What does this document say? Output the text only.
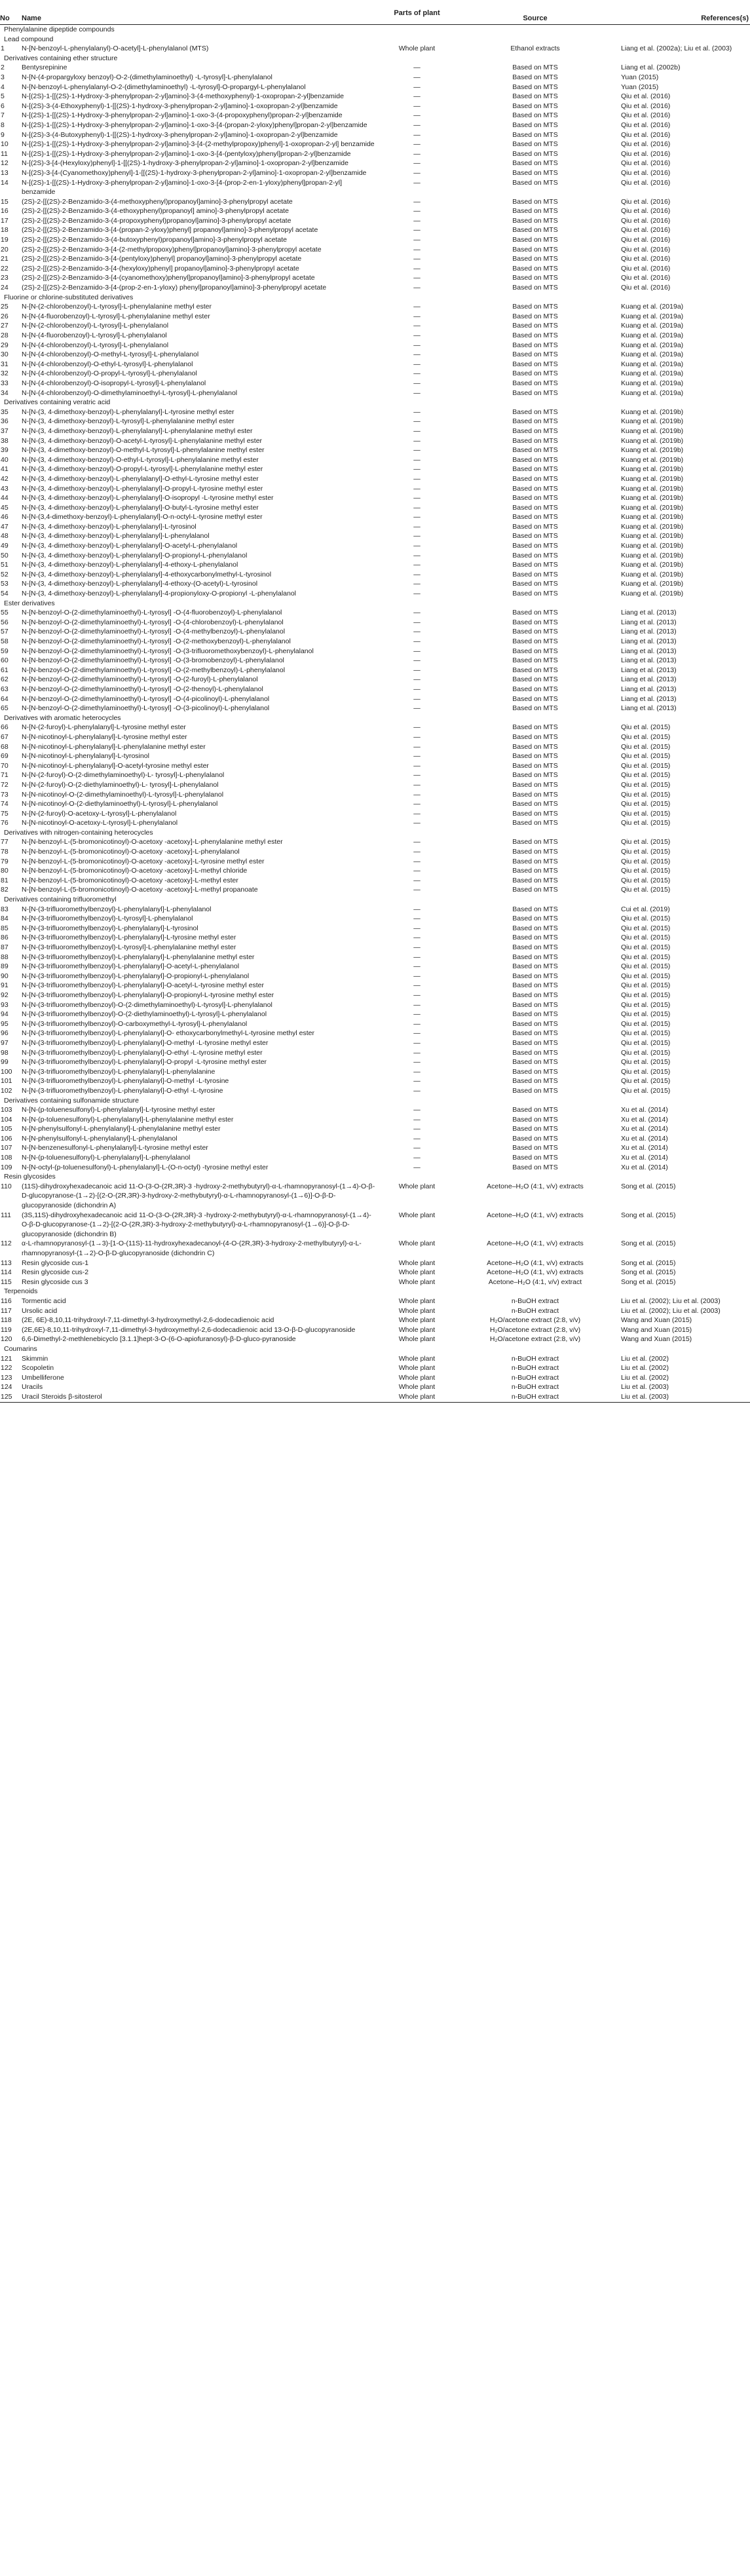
No	Name	Parts of plant	Source	References(s)
Phenylalanine dipeptide compounds				
Lead compound				
1	N-[N-benzoyl-L-phenylalanyl)-O-acetyl]-L-phenylalanol (MTS)	Whole plant	Ethanol extracts	Liang et al. (2002a); Liu et al. (2003)
Derivatives containing ether structure				
2	Bentysrepinine	—	Based on MTS	Liang et al. (2002b)
3	N-[N-(4-propargyloxy benzoyl)-O-2-(dimethylaminoethyl) -L-tyrosyl]-L-phenylalanol	—	Based on MTS	Yuan (2015)
4	N-[N-benzoyl-L-phenylalanyl-O-2-(dimethylaminoethyl) -L-tyrosyl]-O-propargyl-L-phenylalanol	—	Based on MTS	Yuan (2015)
5	N-[(2S)-1-[[(2S)-1-Hydroxy-3-phenylpropan-2-yl]amino]-3-(4-methoxyphenyl)-1-oxopropan-2-yl]benzamide	—	Based on MTS	Qiu et al. (2016)
6	N-[(2S)-3-(4-Ethoxyphenyl)-1-[[(2S)-1-hydroxy-3-phenylpropan-2-yl]amino]-1-oxopropan-2-yl]benzamide	—	Based on MTS	Qiu et al. (2016)
7	N-[(2S)-1-[[(2S)-1-Hydroxy-3-phenylpropan-2-yl]amino]-1-oxo-3-(4-propoxyphenyl)propan-2-yl]benzamide	—	Based on MTS	Qiu et al. (2016)
8	N-[(2S)-1-[[(2S)-1-Hydroxy-3-phenylpropan-2-yl]amino]-1-oxo-3-[4-(propan-2-yloxy)phenyl]propan-2-yl]benzamide	—	Based on MTS	Qiu et al. (2016)
9	N-[(2S)-3-(4-Butoxyphenyl)-1-[[(2S)-1-hydroxy-3-phenylpropan-2-yl]amino]-1-oxopropan-2-yl]benzamide	—	Based on MTS	Qiu et al. (2016)
10	N-[(2S)-1-[[(2S)-1-Hydroxy-3-phenylpropan-2-yl]amino]-3-[4-(2-methylpropoxy)phenyl]-1-oxopropan-2-yl] benzamide	—	Based on MTS	Qiu et al. (2016)
11	N-[(2S)-1-[[(2S)-1-Hydroxy-3-phenylpropan-2-yl]amino]-1-oxo-3-[4-(pentyloxy)phenyl]propan-2-yl]benzamide	—	Based on MTS	Qiu et al. (2016)
12	N-[(2S)-3-[4-(Hexyloxy)phenyl]-1-[[(2S)-1-hydroxy-3-phenylpropan-2-yl]amino]-1-oxopropan-2-yl]benzamide	—	Based on MTS	Qiu et al. (2016)
13	N-[(2S)-3-[4-(Cyanomethoxy)phenyl]-1-[[(2S)-1-hydroxy-3-phenylpropan-2-yl]amino]-1-oxopropan-2-yl]benzamide	—	Based on MTS	Qiu et al. (2016)
14	N-[(2S)-1-[[(2S)-1-Hydroxy-3-phenylpropan-2-yl]amino]-1-oxo-3-[4-(prop-2-en-1-yloxy)phenyl]propan-2-yl] benzamide	—	Based on MTS	Qiu et al. (2016)
15	(2S)-2-[[(2S)-2-Benzamido-3-(4-methoxyphenyl)propanoyl]amino]-3-phenylpropyl acetate	—	Based on MTS	Qiu et al. (2016)
16	(2S)-2-[[(2S)-2-Benzamido-3-(4-ethoxyphenyl)propanoyl] amino]-3-phenylpropyl acetate	—	Based on MTS	Qiu et al. (2016)
17	(2S)-2-[[(2S)-2-Benzamido-3-(4-propoxyphenyl)propanoyl]amino]-3-phenylpropyl acetate	—	Based on MTS	Qiu et al. (2016)
18	(2S)-2-[[(2S)-2-Benzamido-3-[4-(propan-2-yloxy)phenyl] propanoyl]amino]-3-phenylpropyl acetate	—	Based on MTS	Qiu et al. (2016)
19	(2S)-2-[[(2S)-2-Benzamido-3-(4-butoxyphenyl)propanoyl]amino]-3-phenylpropyl acetate	—	Based on MTS	Qiu et al. (2016)
20	(2S)-2-[[(2S)-2-Benzamido-3-[4-(2-methylpropoxy)phenyl]propanoyl]amino]-3-phenylpropyl acetate	—	Based on MTS	Qiu et al. (2016)
21	(2S)-2-[[(2S)-2-Benzamido-3-[4-(pentyloxy)phenyl] propanoyl]amino]-3-phenylpropyl acetate	—	Based on MTS	Qiu et al. (2016)
22	(2S)-2-[[(2S)-2-Benzamido-3-[4-(hexyloxy)phenyl] propanoyl]amino]-3-phenylpropyl acetate	—	Based on MTS	Qiu et al. (2016)
23	(2S)-2-[[(2S)-2-Benzamido-3-[4-(cyanomethoxy)phenyl]propanoyl]amino]-3-phenylpropyl acetate	—	Based on MTS	Qiu et al. (2016)
24	(2S)-2-[[(2S)-2-Benzamido-3-[4-(prop-2-en-1-yloxy) phenyl]propanoyl]amino]-3-phenylpropyl acetate	—	Based on MTS	Qiu et al. (2016)
Fluorine or chlorine-substituted derivatives				
25	N-[N-(2-chlorobenzoyl)-L-tyrosyl]-L-phenylalanine methyl ester	—	Based on MTS	Kuang et al. (2019a)
26	N-[N-(4-fluorobenzoyl)-L-tyrosyl]-L-phenylalanine methyl ester	—	Based on MTS	Kuang et al. (2019a)
27	N-[N-(2-chlorobenzoyl)-L-tyrosyl]-L-phenylalanol	—	Based on MTS	Kuang et al. (2019a)
28	N-[N-(4-fluorobenzoyl)-L-tyrosyl]-L-phenylalanol	—	Based on MTS	Kuang et al. (2019a)
29	N-[N-(4-chlorobenzoyl)-L-tyrosyl]-L-phenylalanol	—	Based on MTS	Kuang et al. (2019a)
30	N-[N-(4-chlorobenzoyl)-O-methyl-L-tyrosyl]-L-phenylalanol	—	Based on MTS	Kuang et al. (2019a)
31	N-[N-(4-chlorobenzoyl)-O-ethyl-L-tyrosyl]-L-phenylalanol	—	Based on MTS	Kuang et al. (2019a)
32	N-[N-(4-chlorobenzoyl)-O-propyl-L-tyrosyl]-L-phenylalanol	—	Based on MTS	Kuang et al. (2019a)
33	N-[N-(4-chlorobenzoyl)-O-isopropyl-L-tyrosyl]-L-phenylalanol	—	Based on MTS	Kuang et al. (2019a)
34	N-[N-(4-chlorobenzoyl)-O-dimethylaminoethyl-L-tyrosyl]-L-phenylalanol	—	Based on MTS	Kuang et al. (2019a)
Derivatives containing veratric acid				
35	N-[N-(3, 4-dimethoxy-benzoyl)-L-phenylalanyl]-L-tyrosine methyl ester	—	Based on MTS	Kuang et al. (2019b)
36	N-[N-(3, 4-dimethoxy-benzoyl)-L-tyrosyl]-L-phenylalanine methyl ester	—	Based on MTS	Kuang et al. (2019b)
37	N-[N-(3, 4-dimethoxy-benzoyl)-L-phenylalanyl]-L-phenylalanine methyl ester	—	Based on MTS	Kuang et al. (2019b)
38	N-[N-(3, 4-dimethoxy-benzoyl)-O-acetyl-L-tyrosyl]-L-phenylalanine methyl ester	—	Based on MTS	Kuang et al. (2019b)
39	N-[N-(3, 4-dimethoxy-benzoyl)-O-methyl-L-tyrosyl]-L-phenylalanine methyl ester	—	Based on MTS	Kuang et al. (2019b)
40	N-[N-(3, 4-dimethoxy-benzoyl)-O-ethyl-L-tyrosyl]-L-phenylalanine methyl ester	—	Based on MTS	Kuang et al. (2019b)
41	N-[N-(3, 4-dimethoxy-benzoyl)-O-propyl-L-tyrosyl]-L-phenylalanine methyl ester	—	Based on MTS	Kuang et al. (2019b)
42	N-[N-(3, 4-dimethoxy-benzoyl)-L-phenylalanyl]-O-ethyl-L-tyrosine methyl ester	—	Based on MTS	Kuang et al. (2019b)
43	N-[N-(3, 4-dimethoxy-benzoyl)-L-phenylalanyl]-O-propyl-L-tyrosine methyl ester	—	Based on MTS	Kuang et al. (2019b)
44	N-[N-(3, 4-dimethoxy-benzoyl)-L-phenylalanyl]-O-isopropyl -L-tyrosine methyl ester	—	Based on MTS	Kuang et al. (2019b)
45	N-[N-(3, 4-dimethoxy-benzoyl)-L-phenylalanyl]-O-butyl-L-tyrosine methyl ester	—	Based on MTS	Kuang et al. (2019b)
46	N-[N-(3,4-dimethoxy-benzoyl)-L-phenylalanyl]-O-n-octyl-L-tyrosine methyl ester	—	Based on MTS	Kuang et al. (2019b)
47	N-[N-(3, 4-dimethoxy-benzoyl)-L-phenylalanyl]-L-tyrosinol	—	Based on MTS	Kuang et al. (2019b)
48	N-[N-(3, 4-dimethoxy-benzoyl)-L-phenylalanyl]-L-phenylalanol	—	Based on MTS	Kuang et al. (2019b)
49	N-[N-(3, 4-dimethoxy-benzoyl)-L-phenylalanyl]-O-acetyl-L-phenylalanol	—	Based on MTS	Kuang et al. (2019b)
50	N-[N-(3, 4-dimethoxy-benzoyl)-L-phenylalanyl]-O-propionyl-L-phenylalanol	—	Based on MTS	Kuang et al. (2019b)
51	N-[N-(3, 4-dimethoxy-benzoyl)-L-phenylalanyl]-4-ethoxy-L-phenylalanol	—	Based on MTS	Kuang et al. (2019b)
52	N-[N-(3, 4-dimethoxy-benzoyl)-L-phenylalanyl]-4-ethoxycarbonylmethyl-L-tyrosinol	—	Based on MTS	Kuang et al. (2019b)
53	N-[N-(3, 4-dimethoxy-benzoyl)-L-phenylalanyl]-4-ethoxy-(O-acetyl)-L-tyrosinol	—	Based on MTS	Kuang et al. (2019b)
54	N-[N-(3, 4-dimethoxy-benzoyl)-L-phenylalanyl]-4-propionyloxy-O-propionyl -L-phenylalanol	—	Based on MTS	Kuang et al. (2019b)
Ester derivatives				
55	N-[N-benzoyl-O-(2-dimethylaminoethyl)-L-tyrosyl] -O-(4-fluorobenzoyl)-L-phenylalanol	—	Based on MTS	Liang et al. (2013)
56	N-[N-benzoyl-O-(2-dimethylaminoethyl)-L-tyrosyl] -O-(4-chlorobenzoyl)-L-phenylalanol	—	Based on MTS	Liang et al. (2013)
57	N-[N-benzoyl-O-(2-dimethylaminoethyl)-L-tyrosyl] -O-(4-methylbenzoyl)-L-phenylalanol	—	Based on MTS	Liang et al. (2013)
58	N-[N-benzoyl-O-(2-dimethylaminoethyl)-L-tyrosyl] -O-(2-methoxybenzoyl)-L-phenylalanol	—	Based on MTS	Liang et al. (2013)
59	N-[N-benzoyl-O-(2-dimethylaminoethyl)-L-tyrosyl] -O-(3-trifluoromethoxybenzoyl)-L-phenylalanol	—	Based on MTS	Liang et al. (2013)
60	N-[N-benzoyl-O-(2-dimethylaminoethyl)-L-tyrosyl] -O-(3-bromobenzoyl)-L-phenylalanol	—	Based on MTS	Liang et al. (2013)
61	N-[N-benzoyl-O-(2-dimethylaminoethyl)-L-tyrosyl] -O-(2-methylbenzoyl)-L-phenylalanol	—	Based on MTS	Liang et al. (2013)
62	N-[N-benzoyl-O-(2-dimethylaminoethyl)-L-tyrosyl] -O-(2-furoyl)-L-phenylalanol	—	Based on MTS	Liang et al. (2013)
63	N-[N-benzoyl-O-(2-dimethylaminoethyl)-L-tyrosyl] -O-(2-thenoyl)-L-phenylalanol	—	Based on MTS	Liang et al. (2013)
64	N-[N-benzoyl-O-(2-dimethylaminoethyl)-L-tyrosyl] -O-(4-picolinoyl)-L-phenylalanol	—	Based on MTS	Liang et al. (2013)
65	N-[N-benzoyl-O-(2-dimethylaminoethyl)-L-tyrosyl] -O-(3-picolinoyl)-L-phenylalanol	—	Based on MTS	Liang et al. (2013)
Derivatives with aromatic heterocycles				
66	N-[N-(2-furoyl)-L-phenylalanyl]-L-tyrosine methyl ester	—	Based on MTS	Qiu et al. (2015)
67	N-[N-nicotinoyl-L-phenylalanyl]-L-tyrosine methyl ester	—	Based on MTS	Qiu et al. (2015)
68	N-[N-nicotinoyl-L-phenylalanyl]-L-phenylalanine methyl ester	—	Based on MTS	Qiu et al. (2015)
69	N-[N-nicotinoyl-L-phenylalanyl]-L-tyrosinol	—	Based on MTS	Qiu et al. (2015)
70	N-[N-nicotinoyl-L-phenylalanyl]-O-acetyl-tyrosine methyl ester	—	Based on MTS	Qiu et al. (2015)
71	N-[N-(2-furoyl)-O-(2-dimethylaminoethyl)-L- tyrosyl]-L-phenylalanol	—	Based on MTS	Qiu et al. (2015)
72	N-[N-(2-furoyl)-O-(2-diethylaminoethyl)-L- tyrosyl]-L-phenylalanol	—	Based on MTS	Qiu et al. (2015)
73	N-[N-nicotinoyl-O-(2-dimethylaminoethyl)-L-tyrosyl]-L-phenylalanol	—	Based on MTS	Qiu et al. (2015)
74	N-[N-nicotinoyl-O-(2-diethylaminoethyl)-L-tyrosyl]-L-phenylalanol	—	Based on MTS	Qiu et al. (2015)
75	N-[N-(2-furoyl)-O-acetoxy-L-tyrosyl]-L-phenylalanol	—	Based on MTS	Qiu et al. (2015)
76	N-[N-nicotinoyl-O-acetoxy-L-tyrosyl]-L-phenylalanol	—	Based on MTS	Qiu et al. (2015)
Derivatives with nitrogen-containing heterocycles				
77	N-[N-benzoyl-L-(5-bromonicotinoyl)-O-acetoxy -acetoxy]-L-phenylalanine methyl ester	—	Based on MTS	Qiu et al. (2015)
78	N-[N-benzoyl-L-(5-bromonicotinoyl)-O-acetoxy -acetoxy]-L-phenylalanol	—	Based on MTS	Qiu et al. (2015)
79	N-[N-benzoyl-L-(5-bromonicotinoyl)-O-acetoxy -acetoxy]-L-tyrosine methyl ester	—	Based on MTS	Qiu et al. (2015)
80	N-[N-benzoyl-L-(5-bromonicotinoyl)-O-acetoxy -acetoxy]-L-methyl chloride	—	Based on MTS	Qiu et al. (2015)
81	N-[N-benzoyl-L-(5-bromonicotinoyl)-O-acetoxy -acetoxy]-L-methyl ester	—	Based on MTS	Qiu et al. (2015)
82	N-[N-benzoyl-L-(5-bromonicotinoyl)-O-acetoxy -acetoxy]-L-methyl propanoate	—	Based on MTS	Qiu et al. (2015)
Derivatives containing trifluoromethyl				
83	N-[N-(3-trifluoromethylbenzoyl)-L-phenylalanyl]-L-phenylalanol	—	Based on MTS	Cui et al. (2019)
84	N-[N-(3-trifluoromethylbenzoyl)-L-tyrosyl]-L-phenylalanol	—	Based on MTS	Qiu et al. (2015)
85	N-[N-(3-trifluoromethylbenzoyl)-L-phenylalanyl]-L-tyrosinol	—	Based on MTS	Qiu et al. (2015)
86	N-[N-(3-trifluoromethylbenzoyl)-L-phenylalanyl]-L-tyrosine methyl ester	—	Based on MTS	Qiu et al. (2015)
87	N-[N-(3-trifluoromethylbenzoyl)-L-tyrosyl]-L-phenylalanine methyl ester	—	Based on MTS	Qiu et al. (2015)
88	N-[N-(3-trifluoromethylbenzoyl)-L-phenylalanyl]-L-phenylalanine methyl ester	—	Based on MTS	Qiu et al. (2015)
89	N-[N-(3-trifluoromethylbenzoyl)-L-phenylalanyl]-O-acetyl-L-phenylalanol	—	Based on MTS	Qiu et al. (2015)
90	N-[N-(3-trifluoromethylbenzoyl)-L-phenylalanyl]-O-propionyl-L-phenylalanol	—	Based on MTS	Qiu et al. (2015)
91	N-[N-(3-trifluoromethylbenzoyl)-L-phenylalanyl]-O-acetyl-L-tyrosine methyl ester	—	Based on MTS	Qiu et al. (2015)
92	N-[N-(3-trifluoromethylbenzoyl)-L-phenylalanyl]-O-propionyl-L-tyrosine methyl ester	—	Based on MTS	Qiu et al. (2015)
93	N-[N-(3-trifluoromethylbenzoyl)-O-(2-dimethylaminoethyl)-L-tyrosyl]-L-phenylalanol	—	Based on MTS	Qiu et al. (2015)
94	N-[N-(3-trifluoromethylbenzoyl)-O-(2-diethylaminoethyl)-L-tyrosyl]-L-phenylalanol	—	Based on MTS	Qiu et al. (2015)
95	N-[N-(3-trifluoromethylbenzoyl)-O-carboxymethyl-L-tyrosyl]-L-phenylalanol	—	Based on MTS	Qiu et al. (2015)
96	N-[N-(3-trifluoromethylbenzoyl)-L-phenylalanyl]-O- ethoxycarbonylmethyl-L-tyrosine methyl ester	—	Based on MTS	Qiu et al. (2015)
97	N-[N-(3-trifluoromethylbenzoyl)-L-phenylalanyl]-O-methyl -L-tyrosine methyl ester	—	Based on MTS	Qiu et al. (2015)
98	N-[N-(3-trifluoromethylbenzoyl)-L-phenylalanyl]-O-ethyl -L-tyrosine methyl ester	—	Based on MTS	Qiu et al. (2015)
99	N-[N-(3-trifluoromethylbenzoyl)-L-phenylalanyl]-O-propyl -L-tyrosine methyl ester	—	Based on MTS	Qiu et al. (2015)
100	N-[N-(3-trifluoromethylbenzoyl)-L-phenylalanyl]-L-phenylalanine	—	Based on MTS	Qiu et al. (2015)
101	N-[N-(3-trifluoromethylbenzoyl)-L-phenylalanyl]-O-methyl -L-tyrosine	—	Based on MTS	Qiu et al. (2015)
102	N-[N-(3-trifluoromethylbenzoyl)-L-phenylalanyl]-O-ethyl -L-tyrosine	—	Based on MTS	Qiu et al. (2015)
Derivatives containing sulfonamide structure				
103	N-[N-(p-toluenesulfonyl)-L-phenylalanyl]-L-tyrosine methyl ester	—	Based on MTS	Xu et al. (2014)
104	N-[N-(p-toluenesulfonyl)-L-phenylalanyl]-L-phenylalanine methyl ester	—	Based on MTS	Xu et al. (2014)
105	N-[N-phenylsulfonyl-L-phenylalanyl]-L-phenylalanine methyl ester	—	Based on MTS	Xu et al. (2014)
106	N-[N-phenylsulfonyl-L-phenylalanyl]-L-phenylalanol	—	Based on MTS	Xu et al. (2014)
107	N-[N-benzenesulfonyl-L-phenylalanyl]-L-tyrosine methyl ester	—	Based on MTS	Xu et al. (2014)
108	N-[N-(p-toluenesulfonyl)-L-phenylalanyl]-L-phenylalanol	—	Based on MTS	Xu et al. (2014)
109	N-[N-octyl-(p-toluenesulfonyl)-L-phenylalanyl]-L-(O-n-octyl) -tyrosine methyl ester	—	Based on MTS	Xu et al. (2014)
Resin glycosides				
110	(11S)-dihydroxyhexadecanoic acid 11-O-(3-O-(2R,3R)-3 -hydroxy-2-methybutyryl)-α-L-rhamnopyranosyl-(1→4)-O-β-D-glucopyranose-(1→2)-[(2-O-(2R,3R)-3-hydroxy-2-methybutyryl)-α-L-rhamnopyranosyl-(1→6)]-O-β-D-glucopyranoside (dichondrin A)	Whole plant	Acetone–H₂O (4:1, v/v) extracts	Song et al. (2015)
111	(3S,11S)-dihydroxyhexadecanoic acid 11-O-(3-O-(2R,3R)-3 -hydroxy-2-methybutyryl)-α-L-rhamnopyranosyl-(1→4)-O-β-D-glucopyranose-(1→2)-[(2-O-(2R,3R)-3-hydroxy-2-methybutyryl)-α-L-rhamnopyranosyl-(1→6)]-O-β-D-glucopyranoside (dichondrin B)	Whole plant	Acetone–H₂O (4:1, v/v) extracts	Song et al. (2015)
112	α-L-rhamnopyranosyl-(1→3)-[1-O-(11S)-11-hydroxyhexadecanoyl-(4-O-(2R,3R)-3-hydroxy-2-methylbutyryl)-α-L-rhamnopyranosyl-(1→2)-O-β-D-glucopyranoside (dichondrin C)	Whole plant	Acetone–H₂O (4:1, v/v) extracts	Song et al. (2015)
113	Resin glycoside cus-1	Whole plant	Acetone–H₂O (4:1, v/v) extracts	Song et al. (2015)
114	Resin glycoside cus-2	Whole plant	Acetone–H₂O (4:1, v/v) extracts	Song et al. (2015)
115	Resin glycoside cus 3	Whole plant	Acetone–H₂O (4:1, v/v) extract	Song et al. (2015)
Terpenoids				
116	Tormentic acid	Whole plant	n-BuOH extract	Liu et al. (2002); Liu et al. (2003)
117	Ursolic acid	Whole plant	n-BuOH extract	Liu et al. (2002); Liu et al. (2003)
118	(2E, 6E)-8,10,11-trihydroxyl-7,11-dimethyl-3-hydroxymethyl-2,6-dodecadienoic acid	Whole plant	H₂O/acetone extract (2:8, v/v)	Wang and Xuan (2015)
119	(2E,6E)-8,10,11-trihydroxyl-7,11-dimethyl-3-hydroxymethyl-2,6-dodecadienoic acid 13-O-β-D-glucopyranoside	Whole plant	H₂O/acetone extract (2:8, v/v)	Wang and Xuan (2015)
120	6,6-Dimethyl-2-methlenebicyclo [3.1.1]hept-3-O-(6-O-apiofuranosyl)-β-D-gluco-pyranoside	Whole plant	H₂O/acetone extract (2:8, v/v)	Wang and Xuan (2015)
Coumarins				
121	Skimmin	Whole plant	n-BuOH extract	Liu et al. (2002)
122	Scopoletin	Whole plant	n-BuOH extract	Liu et al. (2002)
123	Umbelliferone	Whole plant	n-BuOH extract	Liu et al. (2002)
124	Uracils	Whole plant	n-BuOH extract	Liu et al. (2003)
125	Uracil Steroids β-sitosterol	Whole plant	n-BuOH extract	Liu et al. (2003)
